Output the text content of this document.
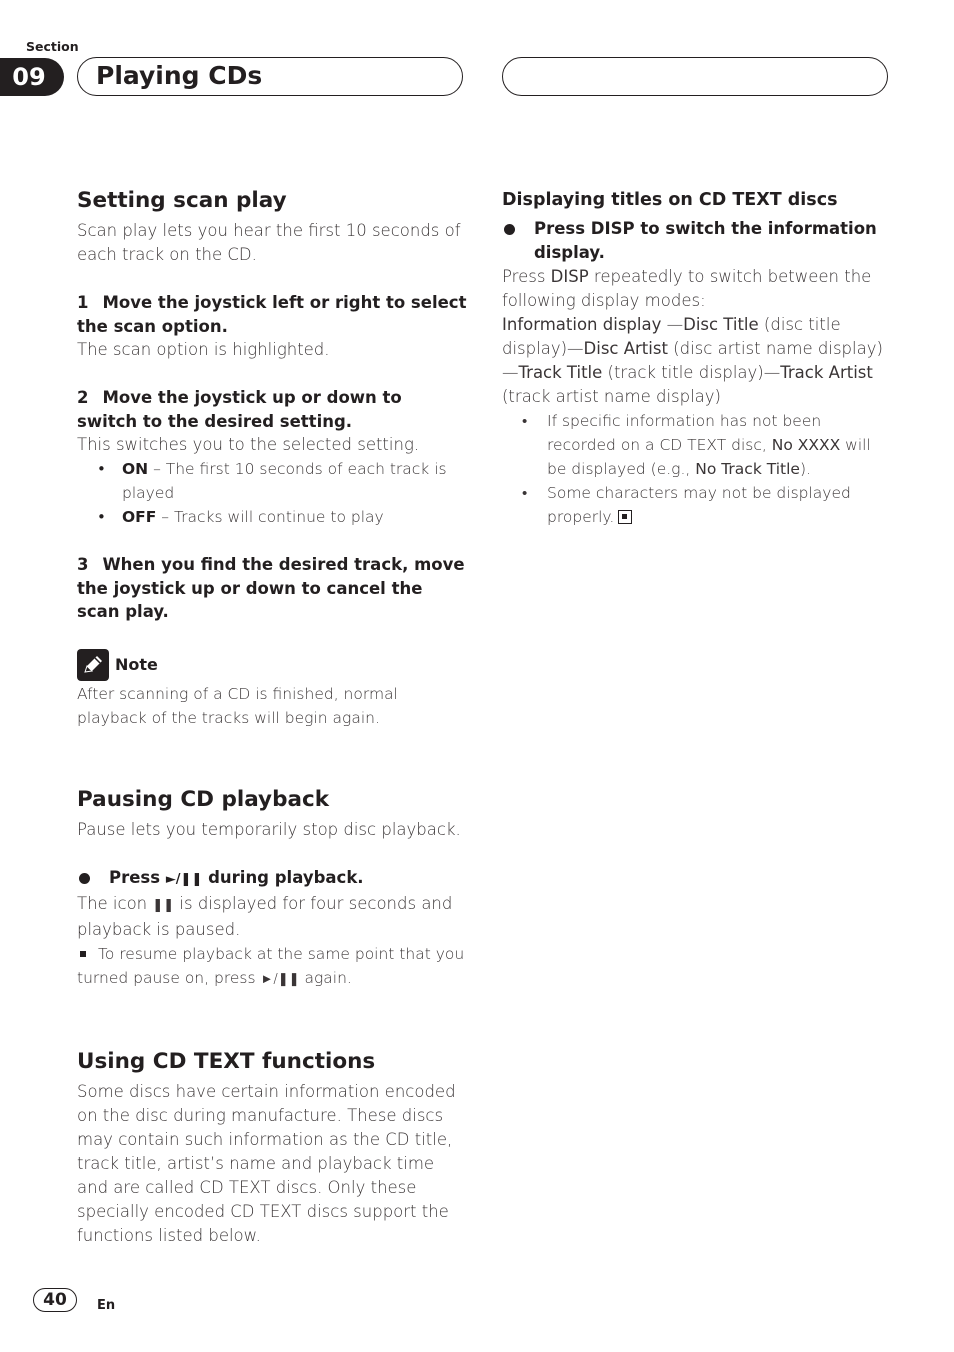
Section
09	Playing CDs
Setting scan play

Scan play lets you hear the first 10 seconds of each track on the CD.

1 Move the joystick left or right to select the scan option.

The scan option is highlighted.

2 Move the joystick up or down to switch to the desired setting.

This switches you to the selected setting.

• ON – The first 10 seconds of each track is played
• OFF – Tracks will continue to play
3 When you find the desired track, move the joystick up or down to cancel the scan play.
Note

After scanning of a CD is finished, normal playback of the tracks will begin again.

Pausing CD playback

Pause lets you temporarily stop disc playback.

Press ►/❚❚ during playback.

The icon ❚❚ is displayed for four seconds and playback is paused.

To resume playback at the same point that you turned pause on, press ►/❚❚ again.

Using CD TEXT functions

Some discs have certain information encoded on the disc during manufacture. These discs may contain such information as the CD title, track title, artist’s name and playback time and are called CD TEXT discs. Only these specially encoded CD TEXT discs support the functions listed below.

Displaying titles on CD TEXT discs
Press DISP to switch the information display.

Press DISP repeatedly to switch between the following display modes:

Information display —Disc Title (disc title display)—Disc Artist (disc artist name display)—Track Title (track title display)—Track Artist (track artist name display)

• If specific information has not been recorded on a CD TEXT disc, No XXXX will be displayed (e.g., No Track Title).
• Some characters may not be displayed properly.
40	En
